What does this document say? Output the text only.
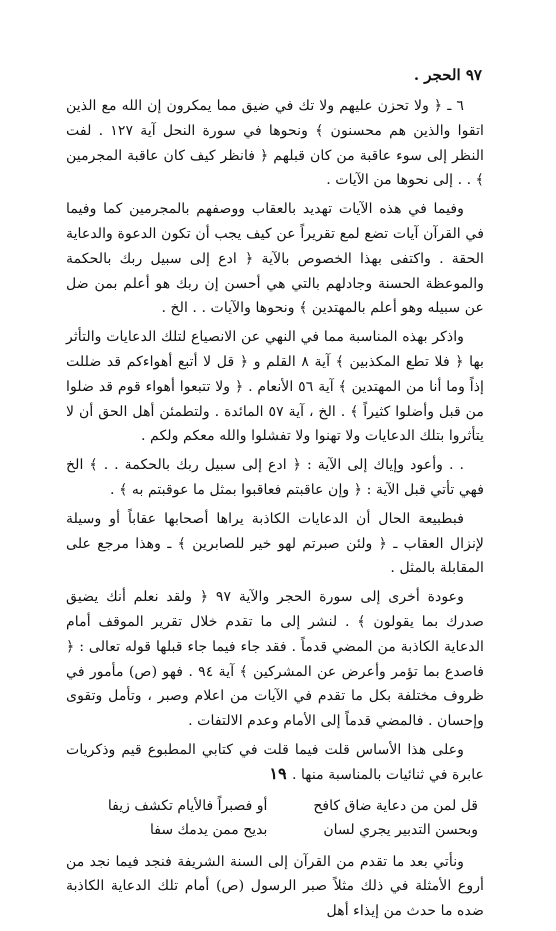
٩٧ الحجر .

٦ ـ ﴿ ولا تحزن عليهم ولا تك في ضيق مما يمكرون إن الله مع الذين اتقوا والذين هم محسنون ﴾ ونحوها في سورة النحل آية ١٢٧ . لفت النظر إلى سوء عاقبة من كان قبلهم ﴿ فانظر كيف كان عاقبة المجرمين ﴾ . . إلى نحوها من الآيات .

وفيما في هذه الآيات تهديد بالعقاب ووصفهم بالمجرمين كما وفيما في القرآن آيات تضع لمع تقريراً عن كيف يجب أن تكون الدعوة والدعاية الحقة . واكتفى بهذا الخصوص بالآية ﴿ ادع إلى سبيل ربك بالحكمة والموعظة الحسنة وجادلهم بالتي هي أحسن إن ربك هو أعلم بمن ضل عن سبيله وهو أعلم بالمهتدين ﴾ ونحوها والآيات . . الخ .

واذكر بهذه المناسبة مما في النهي عن الانصياع لتلك الدعايات والتأثر بها ﴿ فلا تطع المكذبين ﴾ آية ٨ القلم و ﴿ قل لا أتبع أهواءكم قد ضللت إذاً وما أنا من المهتدين ﴾ آية ٥٦ الأنعام . ﴿ ولا تتبعوا أهواء قوم قد ضلوا من قبل وأضلوا كثيراً ﴾ . الخ ، آية ٥٧ المائدة . ولتطمئن أهل الحق أن لا يتأثروا بتلك الدعايات ولا تهنوا ولا تفشلوا والله معكم ولكم .

. . وأعود وإياك إلى الآية : ﴿ ادع إلى سبيل ربك بالحكمة . . ﴾ الخ فهي تأتي قبل الآية : ﴿ وإن عاقبتم فعاقبوا بمثل ما عوقبتم به ﴾ .

فبطبيعة الحال أن الدعايات الكاذبة يراها أصحابها عقاباً أو وسيلة لإنزال العقاب ـ ﴿ ولئن صبرتم لهو خير للصابرين ﴾ ـ وهذا مرجع على المقابلة بالمثل .

وعودة أخرى إلى سورة الحجر والآية ٩٧ ﴿ ولقد نعلم أنك يضيق صدرك بما يقولون ﴾ . لنشر إلى ما تقدم خلال تقرير الموقف أمام الدعاية الكاذبة من المضي قدماً . فقد جاء فيما جاء قبلها قوله تعالى : ﴿ فاصدع بما تؤمر وأعرض عن المشركين ﴾ آية ٩٤ . فهو (ص) مأمور في ظروف مختلفة بكل ما تقدم في الآيات من اعلام وصبر ، وتأمل وتقوى وإحسان . فالمضي قدماً إلى الأمام وعدم الالتفات .

وعلى هذا الأساس قلت فيما قلت في كتابي المطبوع قيم وذكريات عابرة في ثنائيات بالمناسبة منها . :

قل لمن من دعاية ضاق كافح
أو فصبراً فالأيام تكشف زيفا
وبحسن التدبير يجري لسان
بديح ممن يدمك سفا

ونأتي بعد ما تقدم من القرآن إلى السنة الشريفة فنجد فيما نجد من أروع الأمثلة في ذلك مثلاً صبر الرسول (ص) أمام تلك الدعاية الكاذبة ضده ما حدث من إيذاء أهل

١٩
